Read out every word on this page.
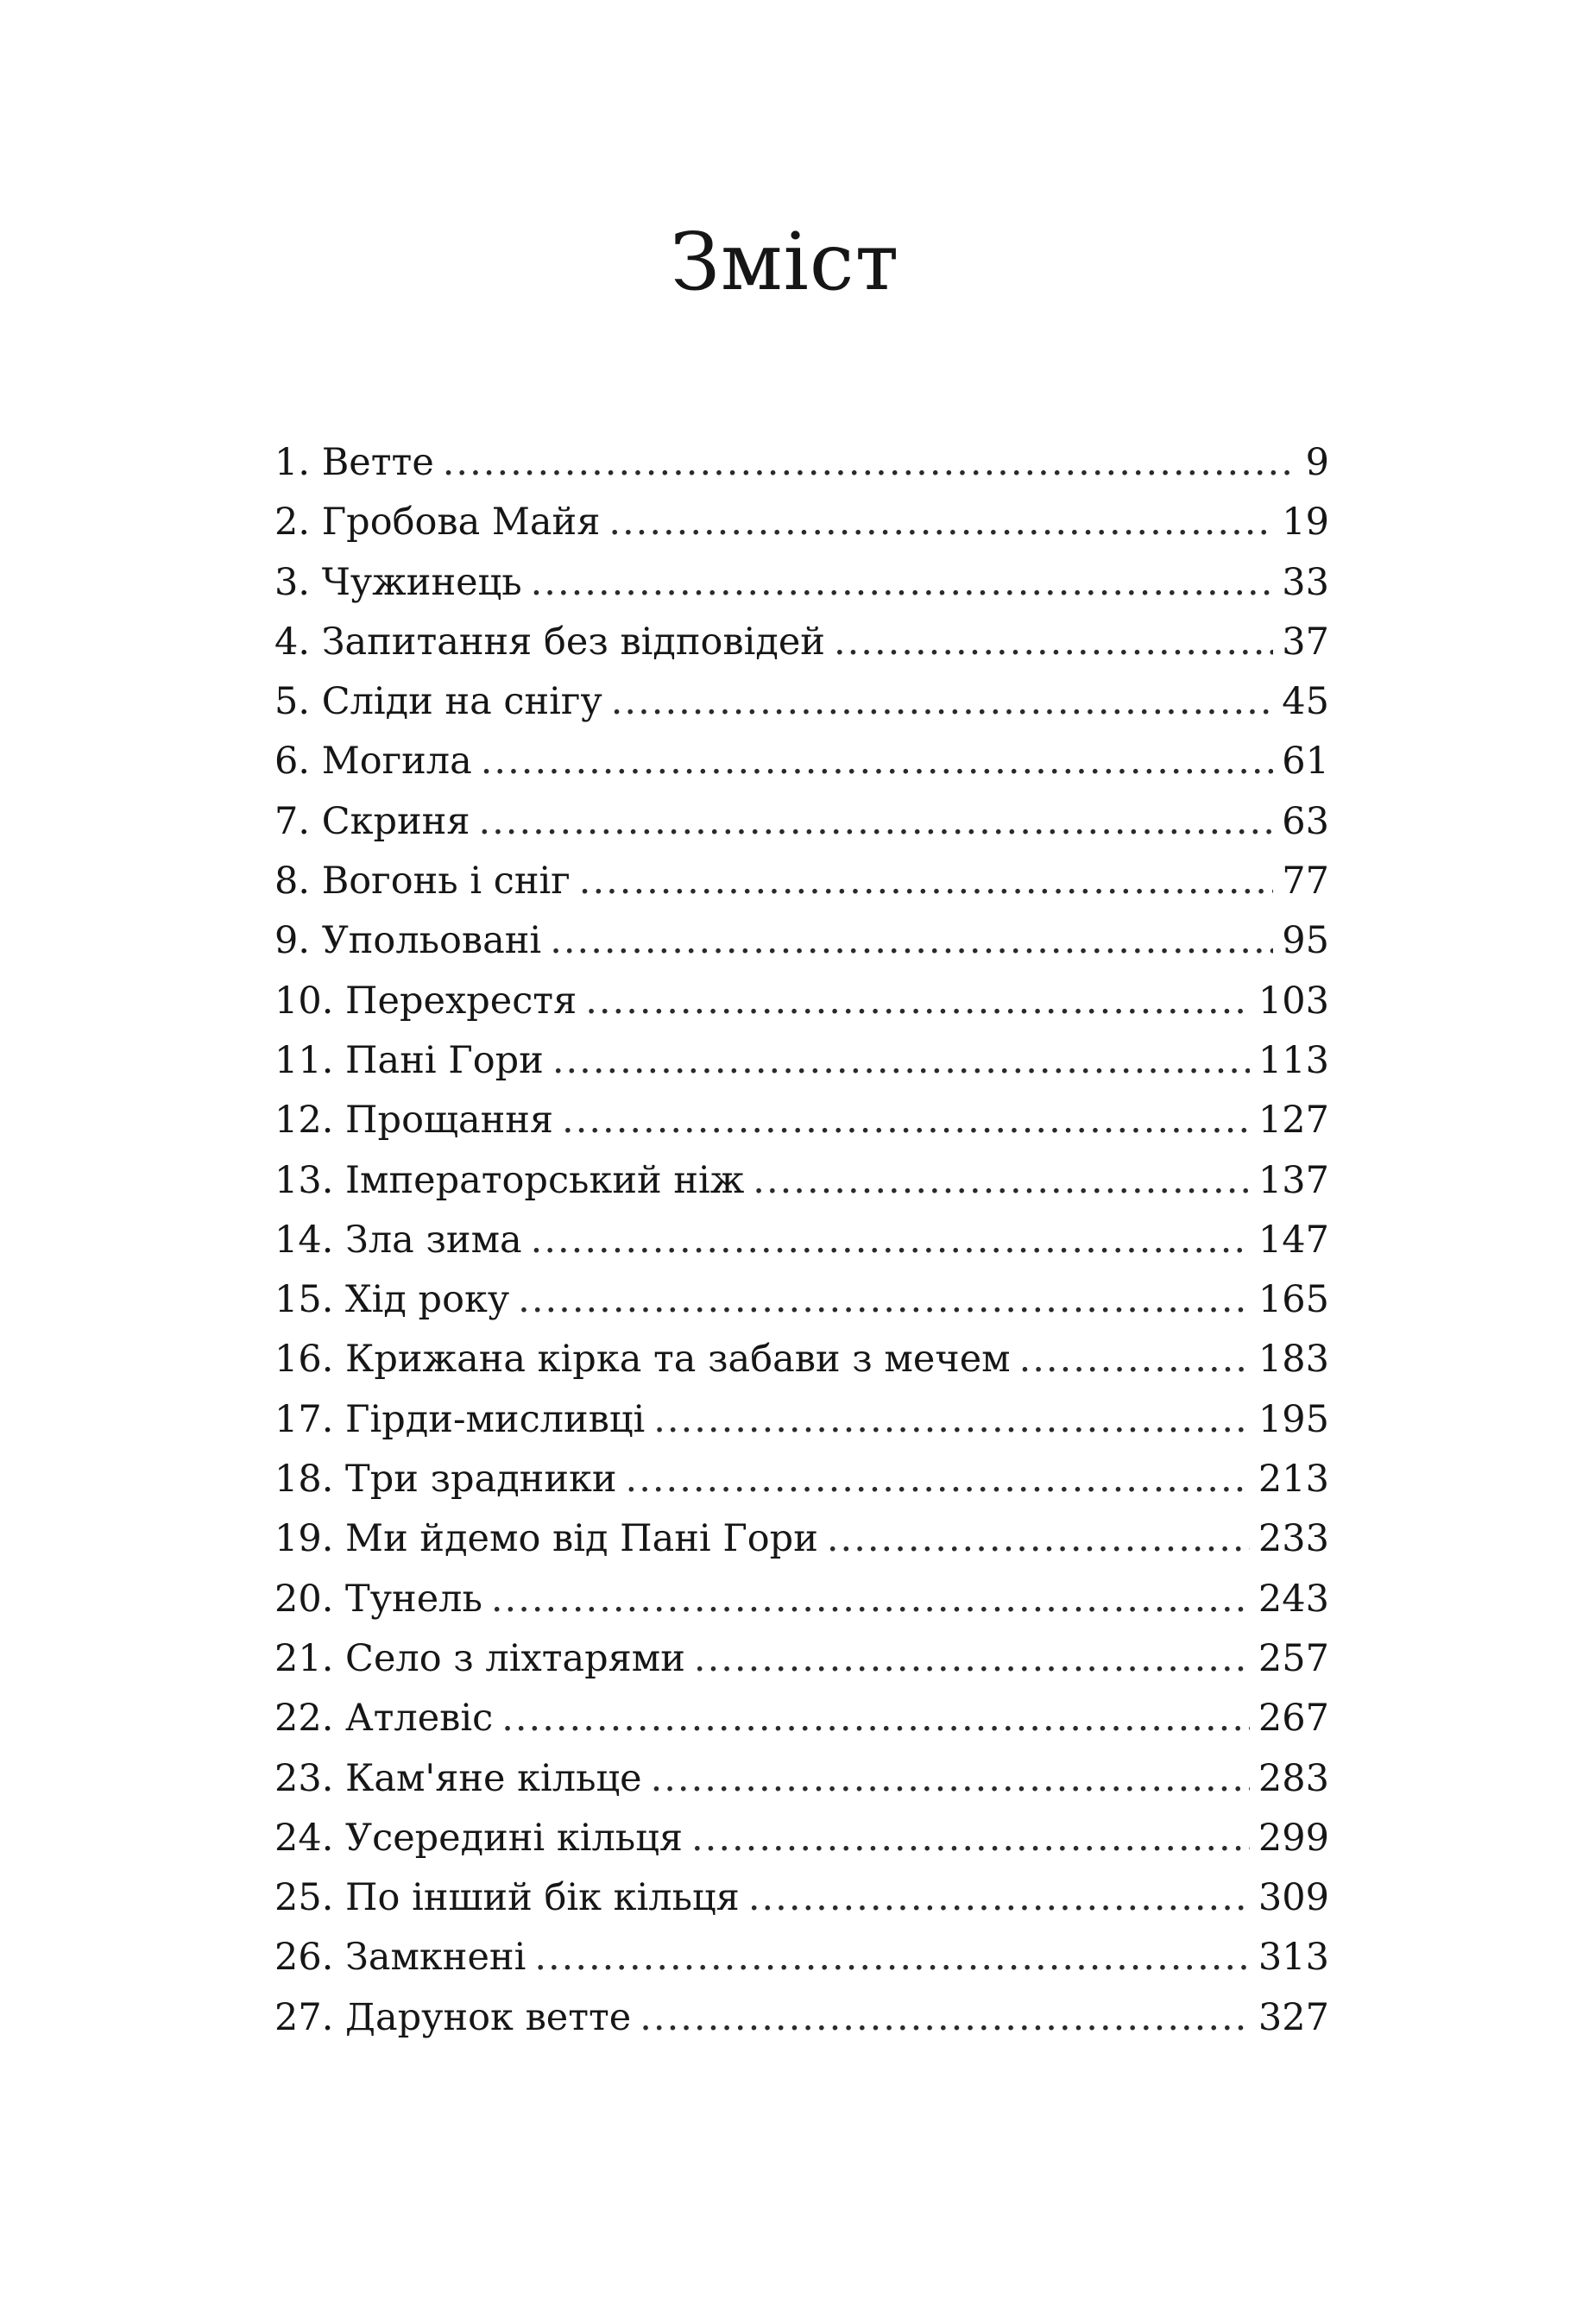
Зміст
1. Ветте .....	9
2. Гробова Майя .....	19
3. Чужинець .....	33
4. Запитання без відповідей .....	37
5. Сліди на снігу .....	45
6. Могила .....	61
7. Скриня .....	63
8. Вогонь і сніг .....	77
9. Упольовані .....	95
10. Перехрестя .....	103
11. Пані Гори .....	113
12. Прощання .....	127
13. Імператорський ніж .....	137
14. Зла зима .....	147
15. Хід року .....	165
16. Крижана кірка та забави з мечем .....	183
17. Гірди-мисливці .....	195
18. Три зрадники .....	213
19. Ми йдемо від Пані Гори .....	233
20. Тунель .....	243
21. Село з ліхтарями .....	257
22. Атлевіс .....	267
23. Кам'яне кільце .....	283
24. Усередині кільця .....	299
25. По інший бік кільця .....	309
26. Замкнені .....	313
27. Дарунок ветте .....	327
